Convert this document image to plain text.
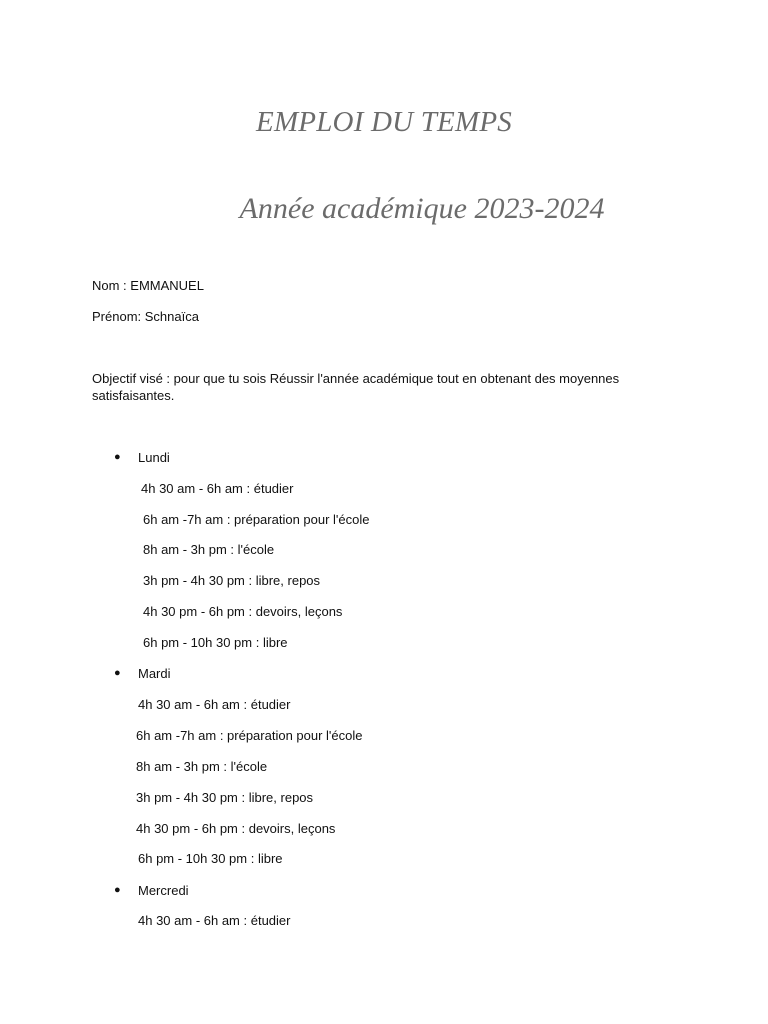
EMPLOI DU TEMPS
Année académique 2023-2024
Nom : EMMANUEL
Prénom: Schnaïca
Objectif visé : pour que tu sois Réussir l'année académique tout en obtenant des moyennes satisfaisantes.
● Lundi
4h 30 am - 6h am : étudier
6h am -7h am : préparation pour l'école
8h am - 3h pm : l'école
3h pm - 4h 30 pm : libre, repos
4h 30 pm - 6h pm : devoirs, leçons
6h pm - 10h 30 pm : libre
● Mardi
4h 30 am - 6h am : étudier
6h am -7h am : préparation pour l'école
8h am - 3h pm : l'école
3h pm - 4h 30 pm : libre, repos
4h 30 pm - 6h pm : devoirs, leçons
6h pm - 10h 30 pm : libre
● Mercredi
4h 30 am - 6h am : étudier
